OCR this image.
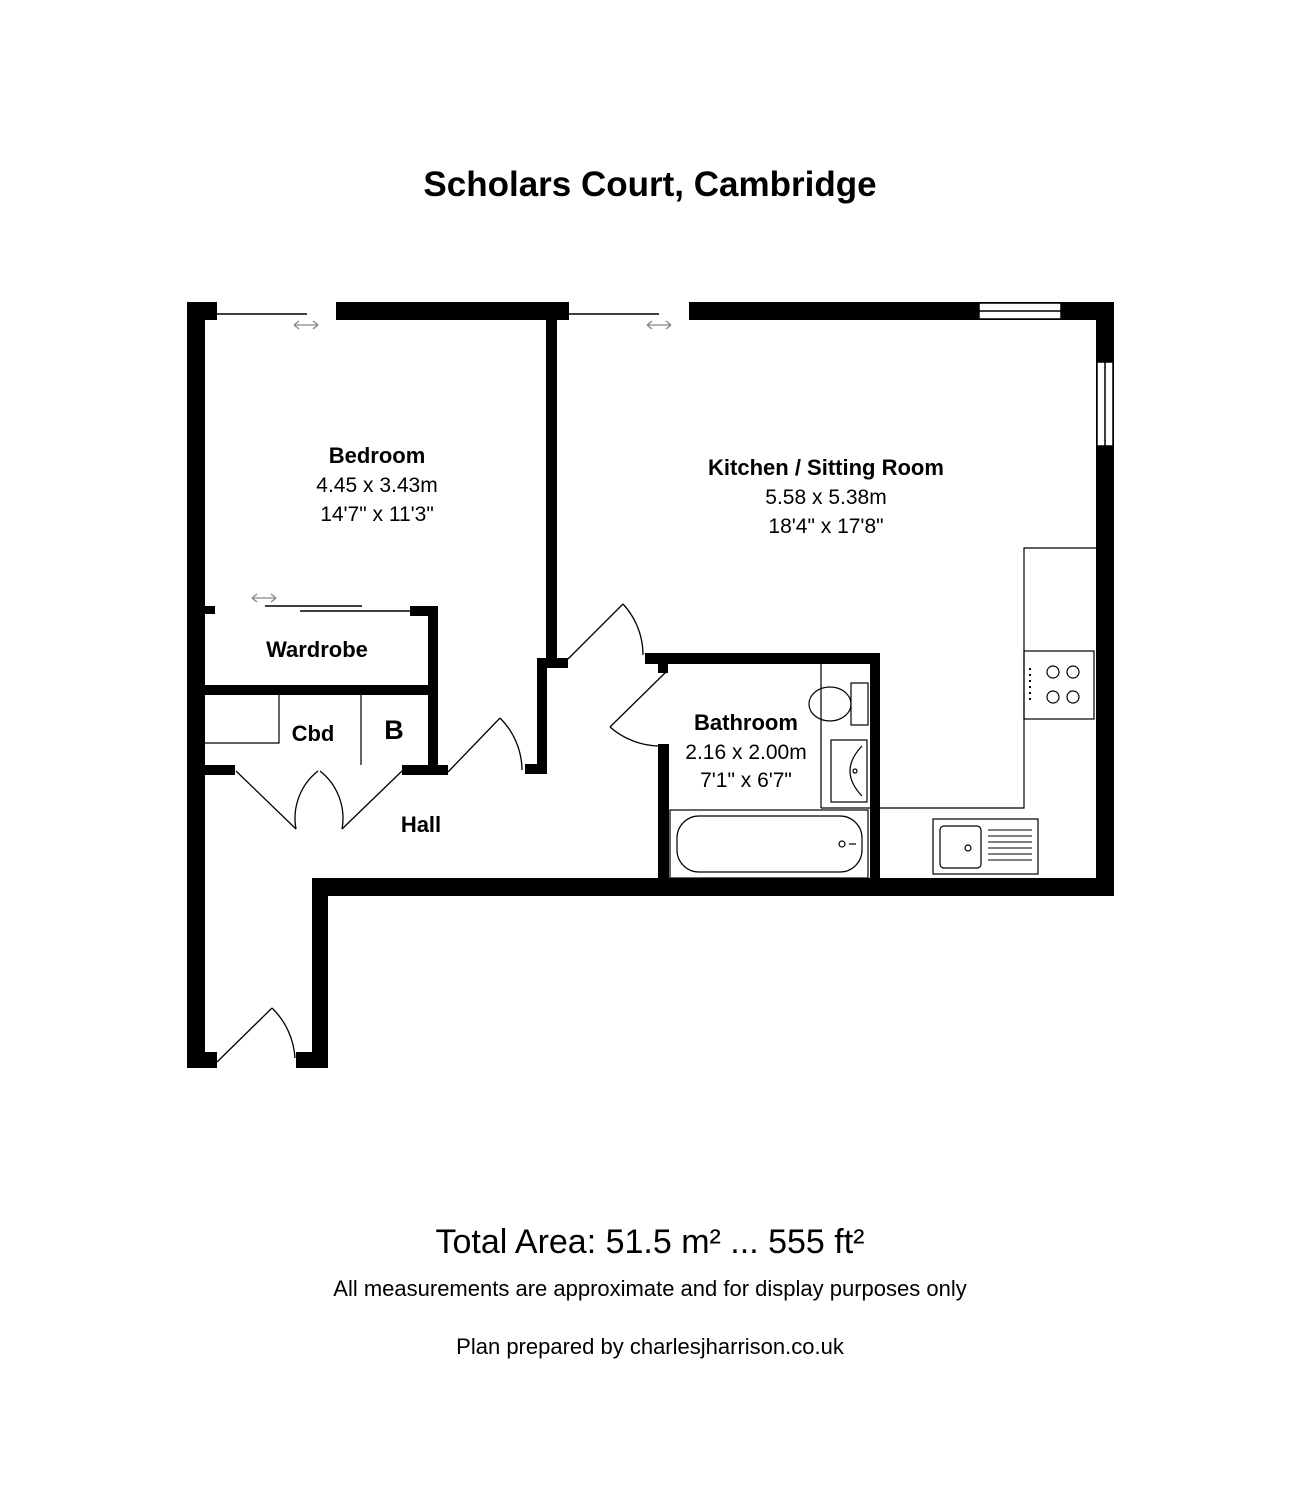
Scholars Court, Cambridge
Bedroom
4.45 x 3.43m
14'7" x 11'3"
Kitchen / Sitting Room
5.58 x 5.38m
18'4" x 17'8"
Bathroom
2.16 x 2.00m
7'1" x 6'7"
Wardrobe
Cbd B
Hall
Total Area: 51.5 m² ... 555 ft²
All measurements are approximate and for display purposes only
Plan prepared by charlesjharrison.co.uk
